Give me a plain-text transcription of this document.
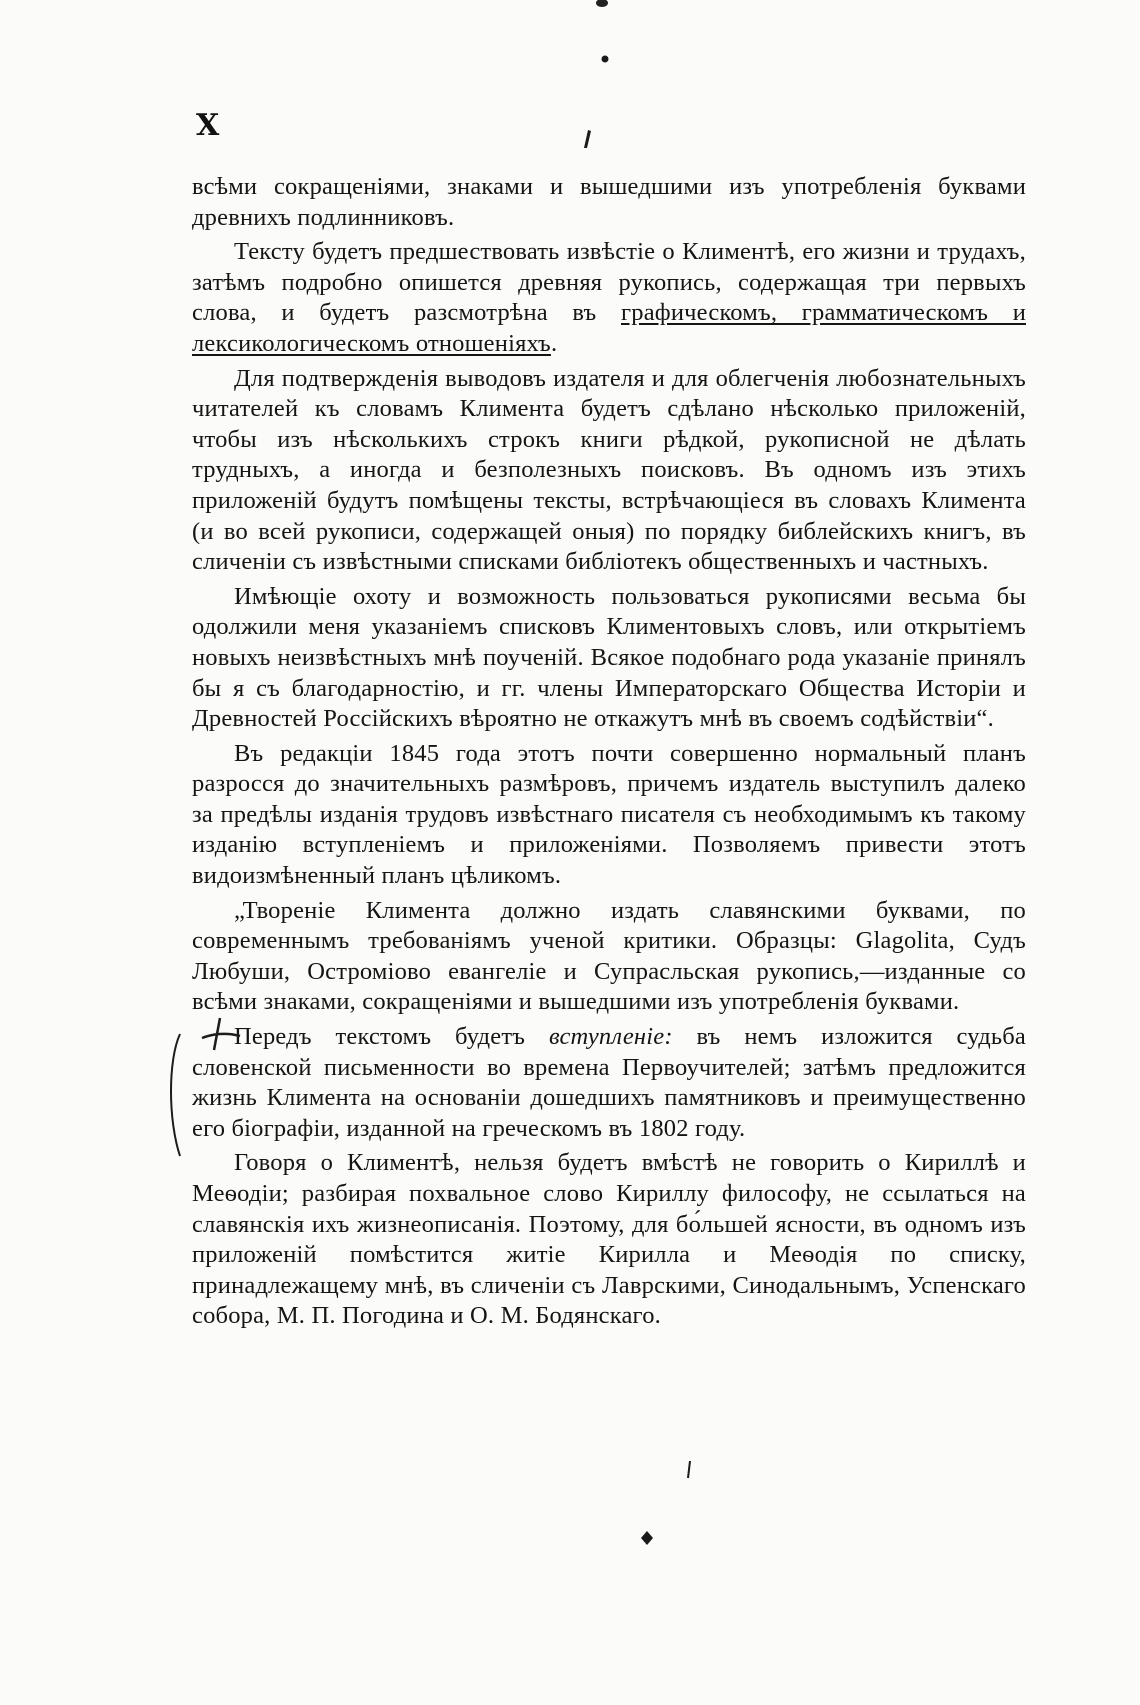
X

всѣми сокращеніями, знаками и вышедшими изъ употребленія буквами древнихъ подлинниковъ.

Тексту будетъ предшествовать извѣстіе о Климентѣ, его жизни и трудахъ, затѣмъ подробно опишется древняя рукопись, содержащая три первыхъ слова, и будетъ разсмотрѣна въ графическомъ, грамматическомъ и лексикологическомъ отношеніяхъ.

Для подтвержденія выводовъ издателя и для облегченія любознательныхъ читателей къ словамъ Климента будетъ сдѣлано нѣсколько приложеній, чтобы изъ нѣсколькихъ строкъ книги рѣдкой, рукописной не дѣлать трудныхъ, а иногда и безполезныхъ поисковъ. Въ одномъ изъ этихъ приложеній будутъ помѣщены тексты, встрѣчающіеся въ словахъ Климента (и во всей рукописи, содержащей оныя) по порядку библейскихъ книгъ, въ сличеніи съ извѣстными списками библіотекъ общественныхъ и частныхъ.

Имѣющіе охоту и возможность пользоваться рукописями весьма бы одолжили меня указаніемъ списковъ Климентовыхъ словъ, или открытіемъ новыхъ неизвѣстныхъ мнѣ поученій. Всякое подобнаго рода указаніе принялъ бы я съ благодарностію, и гг. члены Императорскаго Общества Исторіи и Древностей Россійскихъ вѣроятно не откажутъ мнѣ въ своемъ содѣйствіи“.

Въ редакціи 1845 года этотъ почти совершенно нормальный планъ разросся до значительныхъ размѣровъ, причемъ издатель выступилъ далеко за предѣлы изданія трудовъ извѣстнаго писателя съ необходимымъ къ такому изданію вступленіемъ и приложеніями. Позволяемъ привести этотъ видоизмѣненный планъ цѣликомъ.

„Твореніе Климента должно издать славянскими буквами, по современнымъ требованіямъ ученой критики. Образцы: Glagolita, Судъ Любуши, Остроміово евангеліе и Супрасльская рукопись,—изданные со всѣми знаками, сокращеніями и вышедшими изъ употребленія буквами.

Передъ текстомъ будетъ вступленіе: въ немъ изложится судьба словенской письменности во времена Первоучителей; затѣмъ предложится жизнь Климента на основаніи дошедшихъ памятниковъ и преимущественно его біографіи, изданной на греческомъ въ 1802 году.

Говоря о Климентѣ, нельзя будетъ вмѣстѣ не говорить о Кириллѣ и Меѳодіи; разбирая похвальное слово Кириллу философу, не ссылаться на славянскія ихъ жизнеописанія. Поэтому, для бо́льшей ясности, въ одномъ изъ приложеній помѣстится житіе Кирилла и Меѳодія по списку, принадлежащему мнѣ, въ сличеніи съ Лаврскими, Синодальнымъ, Успенскаго собора, М. П. Погодина и О. М. Бодянскаго.
